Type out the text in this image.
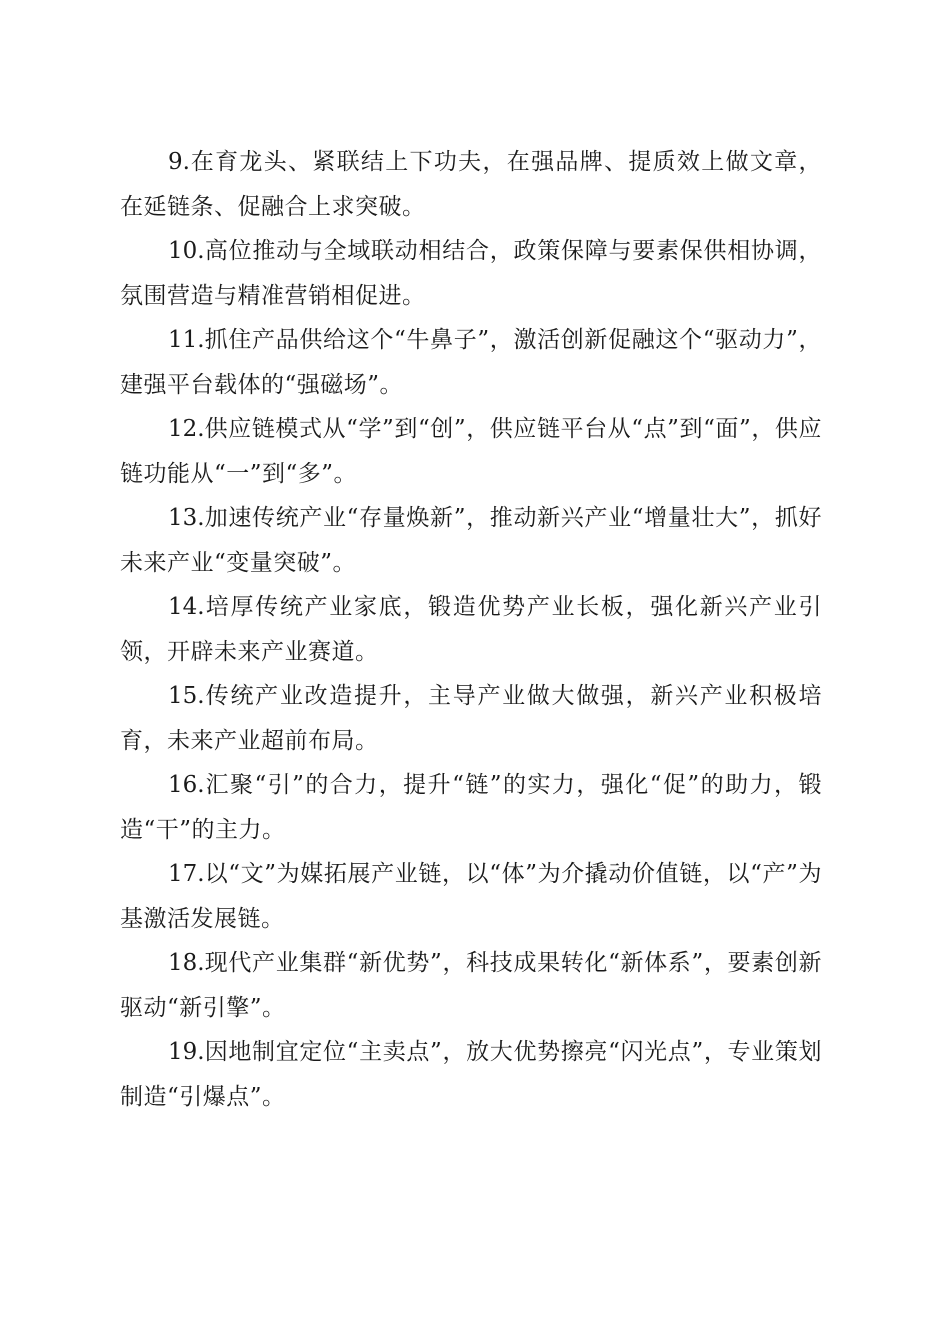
9.在育龙头、紧联结上下功夫，在强品牌、提质效上做文章，在延链条、促融合上求突破。

10.高位推动与全域联动相结合，政策保障与要素保供相协调，氛围营造与精准营销相促进。

11.抓住产品供给这个“牛鼻子”，激活创新促融这个“驱动力”，建强平台载体的“强磁场”。

12.供应链模式从“学”到“创”，供应链平台从“点”到“面”，供应链功能从“一”到“多”。

13.加速传统产业“存量焕新”，推动新兴产业“增量壮大”，抓好未来产业“变量突破”。

14.培厚传统产业家底，锻造优势产业长板，强化新兴产业引领，开辟未来产业赛道。

15.传统产业改造提升，主导产业做大做强，新兴产业积极培育，未来产业超前布局。

16.汇聚“引”的合力，提升“链”的实力，强化“促”的助力，锻造“干”的主力。

17.以“文”为媒拓展产业链，以“体”为介撬动价值链，以“产”为基激活发展链。

18.现代产业集群“新优势”，科技成果转化“新体系”，要素创新驱动“新引擎”。

19.因地制宜定位“主卖点”，放大优势擦亮“闪光点”，专业策划制造“引爆点”。
